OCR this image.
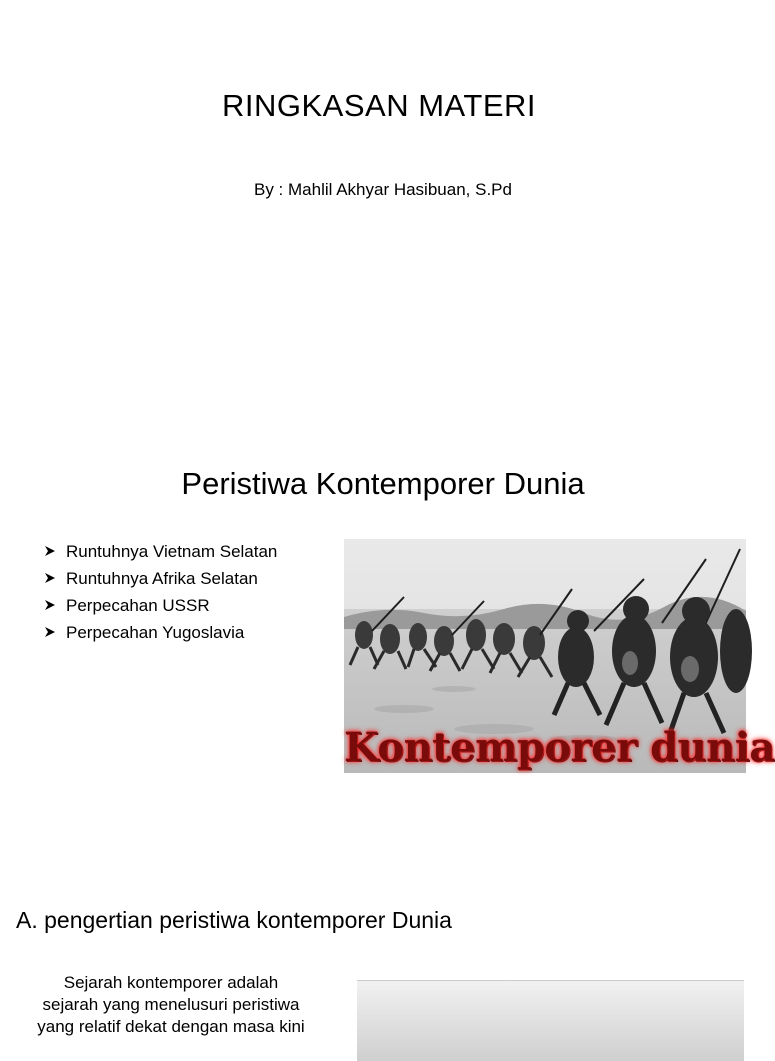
RINGKASAN MATERI
By : Mahlil Akhyar Hasibuan, S.Pd
Peristiwa Kontemporer Dunia
Runtuhnya Vietnam Selatan
Runtuhnya Afrika Selatan
Perpecahan USSR
Perpecahan Yugoslavia
Kontemporer dunia
A. pengertian peristiwa kontemporer Dunia
Sejarah kontemporer adalah
sejarah yang menelusuri peristiwa
yang relatif dekat dengan masa kini
